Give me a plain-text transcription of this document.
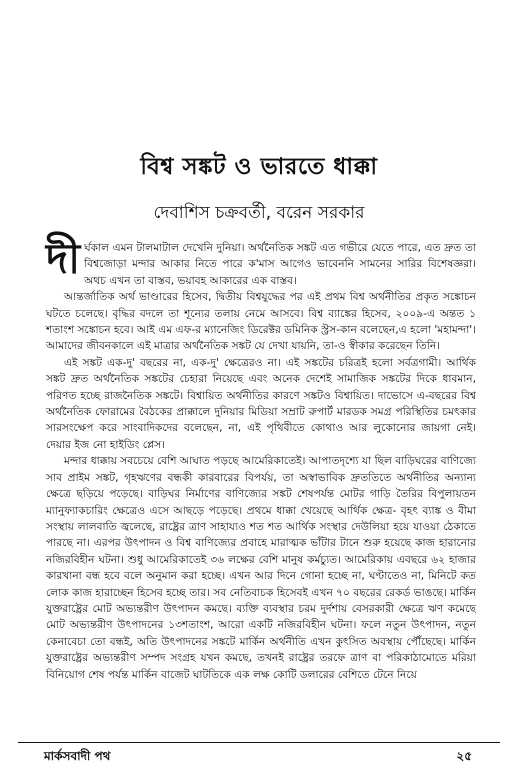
বিশ্ব সঙ্কট ও ভারতে ধাক্কা
দেবাশিস চক্রবর্তী, বরেন সরকার

দীর্ঘকাল এমন টালমাটাল দেখেনি দুনিয়া। অর্থনৈতিক সঙ্কট এত গভীরে যেতে পারে, এত দ্রুত তা বিশ্বজোড়া মন্দার আকার নিতে পারে ক'মাস আগেও ভাবেননি সামনের সারির বিশেষজ্ঞরা। অথচ এখন তা বাস্তব, ভয়াবহ আকারের এক বাস্তব।

আন্তর্জাতিক অর্থ ভাণ্ডারের হিসেব, দ্বিতীয় বিশ্বযুদ্ধের পর এই প্রথম বিশ্ব অর্থনীতির প্রকৃত সঙ্কোচন ঘটতে চলেছে। বৃদ্ধির বদলে তা শূন্যের তলায় নেমে আসবে। বিশ্ব ব্যাঙ্কের হিসেব, ২০০৯-এ অন্তত ১ শতাংশ সঙ্কোচন হবে। আই এম এফ-র ম্যানেজিং ডিরেক্টর ডমিনিক স্ট্রস-কান বলেছেন,এ হলো 'মহামন্দা'। আমাদের জীবনকালে এই মাত্রার অর্থনৈতিক সঙ্কট যে দেখা যায়নি, তা-ও স্বীকার করেছেন তিনি।

এই সঙ্কট এক-দু' বছরের না, এক-দু' ক্ষেত্রেরও না। এই সঙ্কটের চরিত্রই হলো সর্বত্রগামী। আর্থিক সঙ্কট দ্রুত অর্থনৈতিক সঙ্কটের চেহারা নিয়েছে এবং অনেক দেশেই সামাজিক সঙ্কটের দিকে ধাবমান, পরিণত হচ্ছে রাজনৈতিক সঙ্কটে। বিশ্বায়িত অর্থনীতির কারণে সঙ্কটও বিশ্বায়িত। দাভোসে এ-বছরের বিশ্ব অর্থনৈতিক ফোরামের বৈঠকের প্রাক্কালে দুনিয়ার মিডিয়া সম্রাট রুপার্ট মারডক সমগ্র পরিস্থিতির চমৎকার সারসংক্ষেপ করে সাংবাদিকদের বলেছেন, না, এই পৃথিবীতে কোথাও আর লুকোনোর জায়গা নেই। দেয়ার ইজ নো হাইডিং প্লেস।

মন্দার ধাক্কায় সবচেয়ে বেশি আঘাত পড়ছে আমেরিকাতেই। আপাতদৃশ্যে যা ছিল বাড়িঘরের বাণিজ্যে সাব প্রাইম সঙ্কট, গৃহঋণের বন্ধকী কারবারের বিপর্যয়, তা অস্বাভাবিক দ্রুততিতে অর্থনীতির অন্যান্য ক্ষেত্রে ছড়িয়ে পড়েছে। বাড়িঘর নির্মাণের বাণিজ্যের সঙ্কট শেষপর্যন্ত মোটর গাড়ি তৈরির বিপুলায়তন ম্যানুফ্যাকচারিং ক্ষেত্রেও এসে আছড়ে পড়েছে। প্রথমে ধাক্কা খেয়েছে আর্থিক ক্ষেত্র- বৃহৎ ব্যাঙ্ক ও বীমা সংস্থায় লালবাতি জ্বলেছে, রাষ্ট্রের ত্রাণ সাহায্যও শত শত আর্থিক সংস্থার দেউলিয়া হয়ে যাওয়া ঠেকাতে পারছে না। এরপর উৎপাদন ও বিশ্ব বাণিজ্যের প্রবাহে মারাত্মক ভাঁটার টানে শুরু হয়েছে কাজ হারানোর নজিরবিহীন ঘটনা। শুধু আমেরিকাতেই ৩৬ লক্ষের বেশি মানুষ কর্মচ্যুত। আমেরিকায় এবছরে ৬২ হাজার কারখানা বন্ধ হবে বলে অনুমান করা হচ্ছে। এখন আর দিনে গোনা হচ্ছে না, ঘণ্টাতেও না, মিনিটে কত লোক কাজ হারাচ্ছেন হিসেব হচ্ছে তার। সব নেতিবাচক হিসেবই এখন ৭০ বছরের রেকর্ড ভাঙছে। মার্কিন যুক্তরাষ্ট্রের মোট অভ্যন্তরীণ উৎপাদন কমছে। ব্যক্তি ব্যবস্থার চরম দুর্দশায় বেসরকারী ক্ষেত্রে ঋণ কমেছে মোট অভ্যন্তরীণ উৎপাদনের ১৩শতাংশ, আরো একটি নজিরবিহীন ঘটনা। ফলে নতুন উৎপাদন, নতুন কেনাবেচা তো বন্ধই, অতি উৎপাদনের সঙ্কটে মার্কিন অর্থনীতি এখন কুৎসিত অবস্থায় পৌঁছেছে। মার্কিন যুক্তরাষ্ট্রের অভ্যন্তরীণ সম্পদ সংগ্রহ যখন কমছে, তখনই রাষ্ট্রের তরফে ত্রাণ বা পরিকাঠামোতে মরিয়া বিনিয়োগ শেষ পর্যন্ত মার্কিন বাজেট ঘাটতিকে এক লক্ষ কোটি ডলারের বেশিতে টেনে নিয়ে

মার্কসবাদী পথ	২৫
